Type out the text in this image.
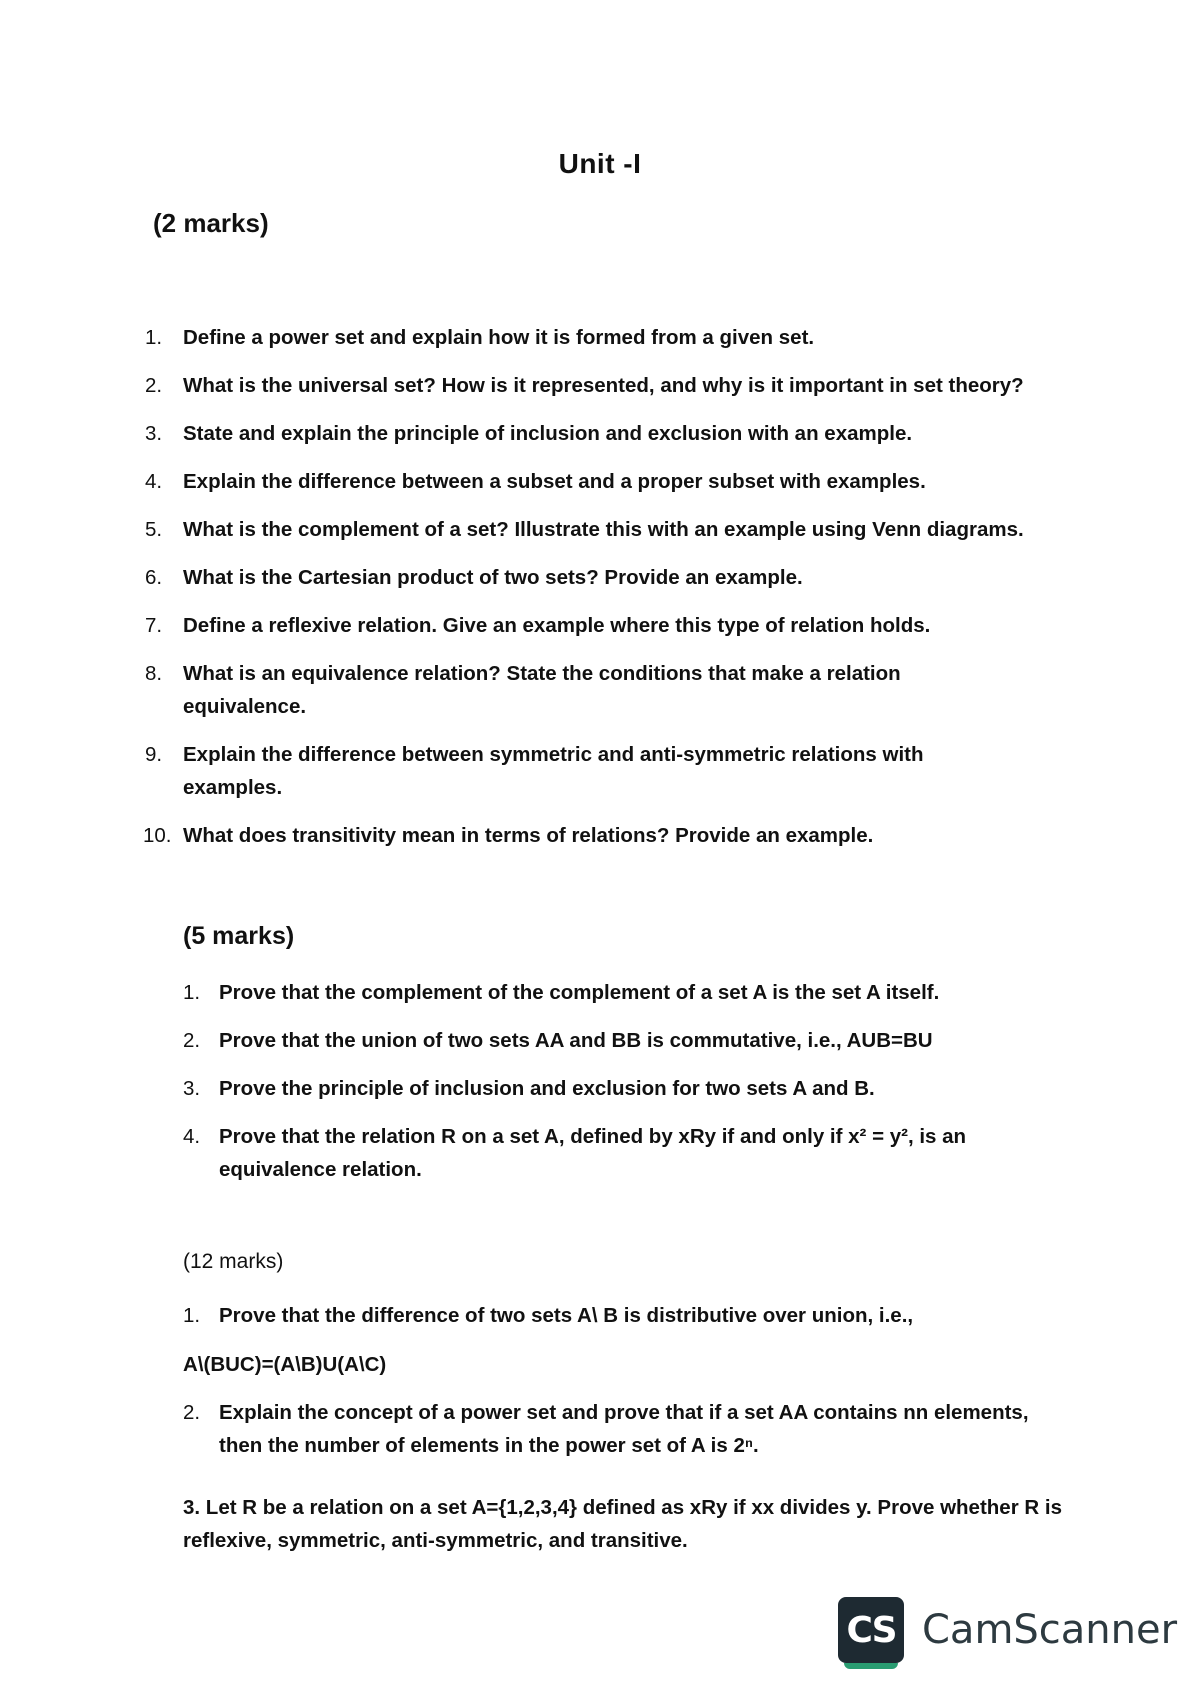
Unit -I
(2 marks)
1. Define a power set and explain how it is formed from a given set.
2. What is the universal set? How is it represented, and why is it important in set theory?
3. State and explain the principle of inclusion and exclusion with an example.
4. Explain the difference between a subset and a proper subset with examples.
5. What is the complement of a set? Illustrate this with an example using Venn diagrams.
6. What is the Cartesian product of two sets? Provide an example.
7. Define a reflexive relation. Give an example where this type of relation holds.
8. What is an equivalence relation? State the conditions that make a relation equivalence.
9. Explain the difference between symmetric and anti-symmetric relations with examples.
10. What does transitivity mean in terms of relations? Provide an example.
(5 marks)
1. Prove that the complement of the complement of a set A is the set A itself.
2. Prove that the union of two sets AA and BB is commutative, i.e., AUB=BU
3. Prove the principle of inclusion and exclusion for two sets A and B.
4. Prove that the relation R on a set A, defined by xRy if and only if x² = y², is an equivalence relation.
(12 marks)
1. Prove that the difference of two sets A\ B is distributive over union, i.e.,
A\(BUC)=(A\B)U(A\C)
2. Explain the concept of a power set and prove that if a set AA contains nn elements, then the number of elements in the power set of A is 2ⁿ.
3. Let R be a relation on a set A={1,2,3,4} defined as xRy if xx divides y. Prove whether R is reflexive, symmetric, anti-symmetric, and transitive.
CS CamScanner
